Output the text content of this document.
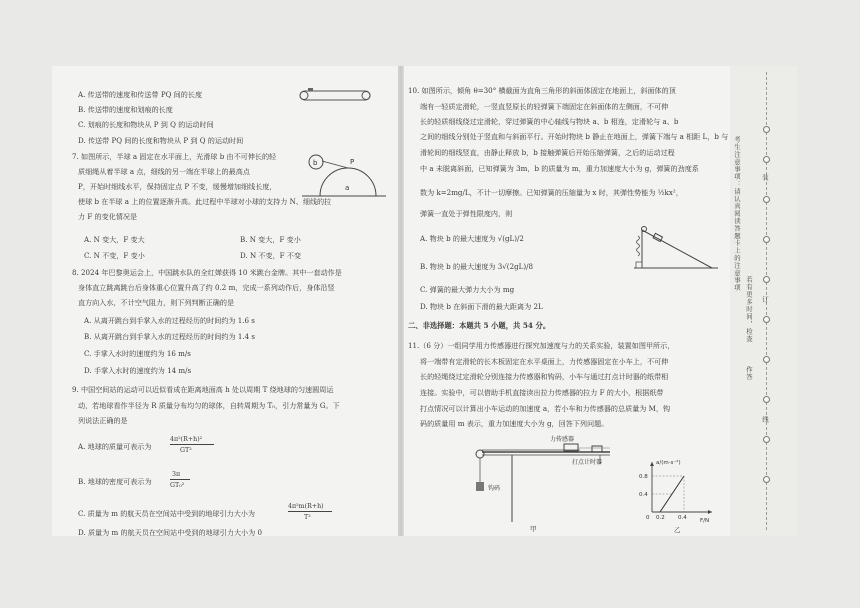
A. 传送带的速度和传送带 PQ 间的长度
B. 传送带的速度和划痕的长度
C. 划痕的长度和物块从 P 到 Q 的运动时间
D. 传送带 PQ 间的长度和物块从 P 到 Q 的运动时间
7. 如图所示，半球 a 固定在水平面上，光滑球 b 由不可伸长的轻
质细绳从着半球 a 点，细线的另一端在半球上的最高点
P，开始时细线水平，保持固定点 P 不变，缓慢增加细线长度，
使球 b 在半球 a 上的位置逐渐升高。此过程中半球对小球的支持力 N、细线的拉
力 F 的变化情况是
b	P
a
A. N 变大，F 变大	B. N 变大，F 变小
C. N 不变，F 变小	D. N 不变，F 不变
8. 2024 年巴黎奥运会上，中国跳水队的全红婵获得 10 米跳台金牌。其中一套动作是
身体直立跳离跳台后身体重心位置升高了约 0.2 m，完成一系列动作后，身体沿竖
直方向入水，不计空气阻力，则下列判断正确的是
A. 从离开跳台到手掌入水的过程经历的时间约为 1.6 s
B. 从离开跳台到手掌入水的过程经历的时间约为 1.4 s
C. 手掌入水时的速度约为 16 m/s
D. 手掌入水时的速度约为 14 m/s
9. 中国空间站的运动可以近似看成在距离地面高 h 处以周期 T 绕地球的匀速圆周运
动，若地球看作半径为 R 质量分布均匀的球体，自转周期为 T₀，引力常量为 G。下
列说法正确的是
A. 地球的质量可表示为
4π²(R+h)²
GT²
B. 地球的密度可表示为
3π
GT₀²
C. 质量为 m 的航天员在空间站中受到的地球引力大小为
4π²m(R+h)
T²
D. 质量为 m 的航天员在空间站中受到的地球引力大小为 0
10. 如图所示，倾角 θ=30° 横截面为直角三角形的斜面体固定在地面上，斜面体的顶
端有一轻质定滑轮，一竖直竖原长的轻弹簧下端固定在斜面体的左侧面，不可伸
长的轻质细线绕过定滑轮，穿过弹簧的中心轴线与物块 a、b 相连，定滑轮与 a、b
之间的细线分别处于竖直和与斜面平行。开始时物块 b 静止在地面上，弹簧下端与 a 相距 L，b 与
滑轮间的细线竖直，由静止释放 b，b 接触弹簧后开始压缩弹簧，之后的运动过程
中 a 未脱离斜面，已知弹簧为 3m，b 的质量为 m，重力加速度大小为 g，弹簧的劲度系
数为 k=2mg/L，不计一切摩擦。已知弹簧的压缩量为 x 时，其弹性势能为 ½kx²，
弹簧一直处于弹性限度内，则
A. 物块 b 的最大速度为 √(gL)/2
B. 物块 b 的最大速度为 3√(2gL)/8
C. 弹簧的最大弹力大小为 mg
D. 物块 b 在斜面下滑的最大距离为 2L
二、非选择题：本题共 5 小题，共 54 分。
11.（6 分）一组同学用力传感器进行探究加速度与力的关系实验，装置如图甲所示，
将一端带有定滑轮的长木板固定在水平桌面上，力传感器固定在小车上，不可伸
长的轻绳绕过定滑轮分别连接力传感器和钩码，小车与通过打点计时器的纸带相
连接。实验中，可以借助手机直接读出拉力传感器的拉力 F 的大小，根据纸带
打点情况可以计算出小车运动的加速度 a，若小车和力传感器的总质量为 M，钩
码的质量用 m 表示，重力加速度大小为 g，回答下列问题。
力传感器
打点计时器
钩码
甲
a/(m·s⁻²)
F/N
0.8
0.4
0 0.2 0.4
乙
考生注意事项：请认真阅读答题卡上的注意事项
若有更多时间，检查
作答
装
订
线
